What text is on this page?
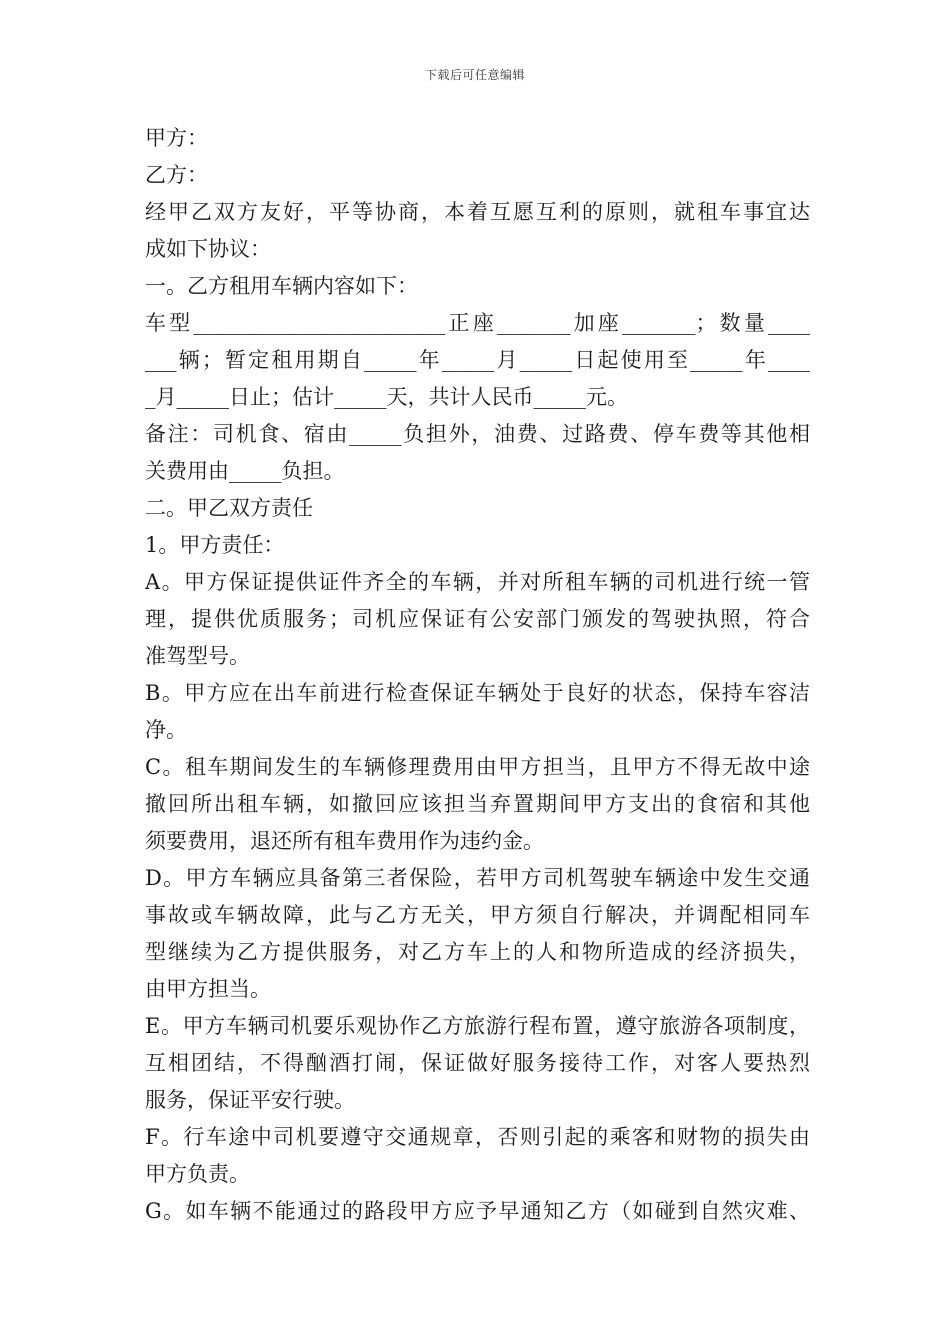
下载后可任意编辑
甲方：
乙方：
经甲乙双方友好，平等协商，本着互愿互利的原则，就租车事宜达
成如下协议：
一。乙方租用车辆内容如下：
车型________________________正座_______加座_______；数量____
___辆；暂定租用期自_____年_____月_____日起使用至_____年____
_月_____日止；估计_____天，共计人民币_____元。
备注：司机食、宿由_____负担外，油费、过路费、停车费等其他相
关费用由_____负担。
二。甲乙双方责任
1。甲方责任：
A。甲方保证提供证件齐全的车辆，并对所租车辆的司机进行统一管
理，提供优质服务；司机应保证有公安部门颁发的驾驶执照，符合
准驾型号。
B。甲方应在出车前进行检查保证车辆处于良好的状态，保持车容洁
净。
C。租车期间发生的车辆修理费用由甲方担当，且甲方不得无故中途
撤回所出租车辆，如撤回应该担当弃置期间甲方支出的食宿和其他
须要费用，退还所有租车费用作为违约金。
D。甲方车辆应具备第三者保险，若甲方司机驾驶车辆途中发生交通
事故或车辆故障，此与乙方无关，甲方须自行解决，并调配相同车
型继续为乙方提供服务，对乙方车上的人和物所造成的经济损失，
由甲方担当。
E。甲方车辆司机要乐观协作乙方旅游行程布置，遵守旅游各项制度，
互相团结，不得酗酒打闹，保证做好服务接待工作，对客人要热烈
服务，保证平安行驶。
F。行车途中司机要遵守交通规章，否则引起的乘客和财物的损失由
甲方负责。
G。如车辆不能通过的路段甲方应予早通知乙方（如碰到自然灾难、
